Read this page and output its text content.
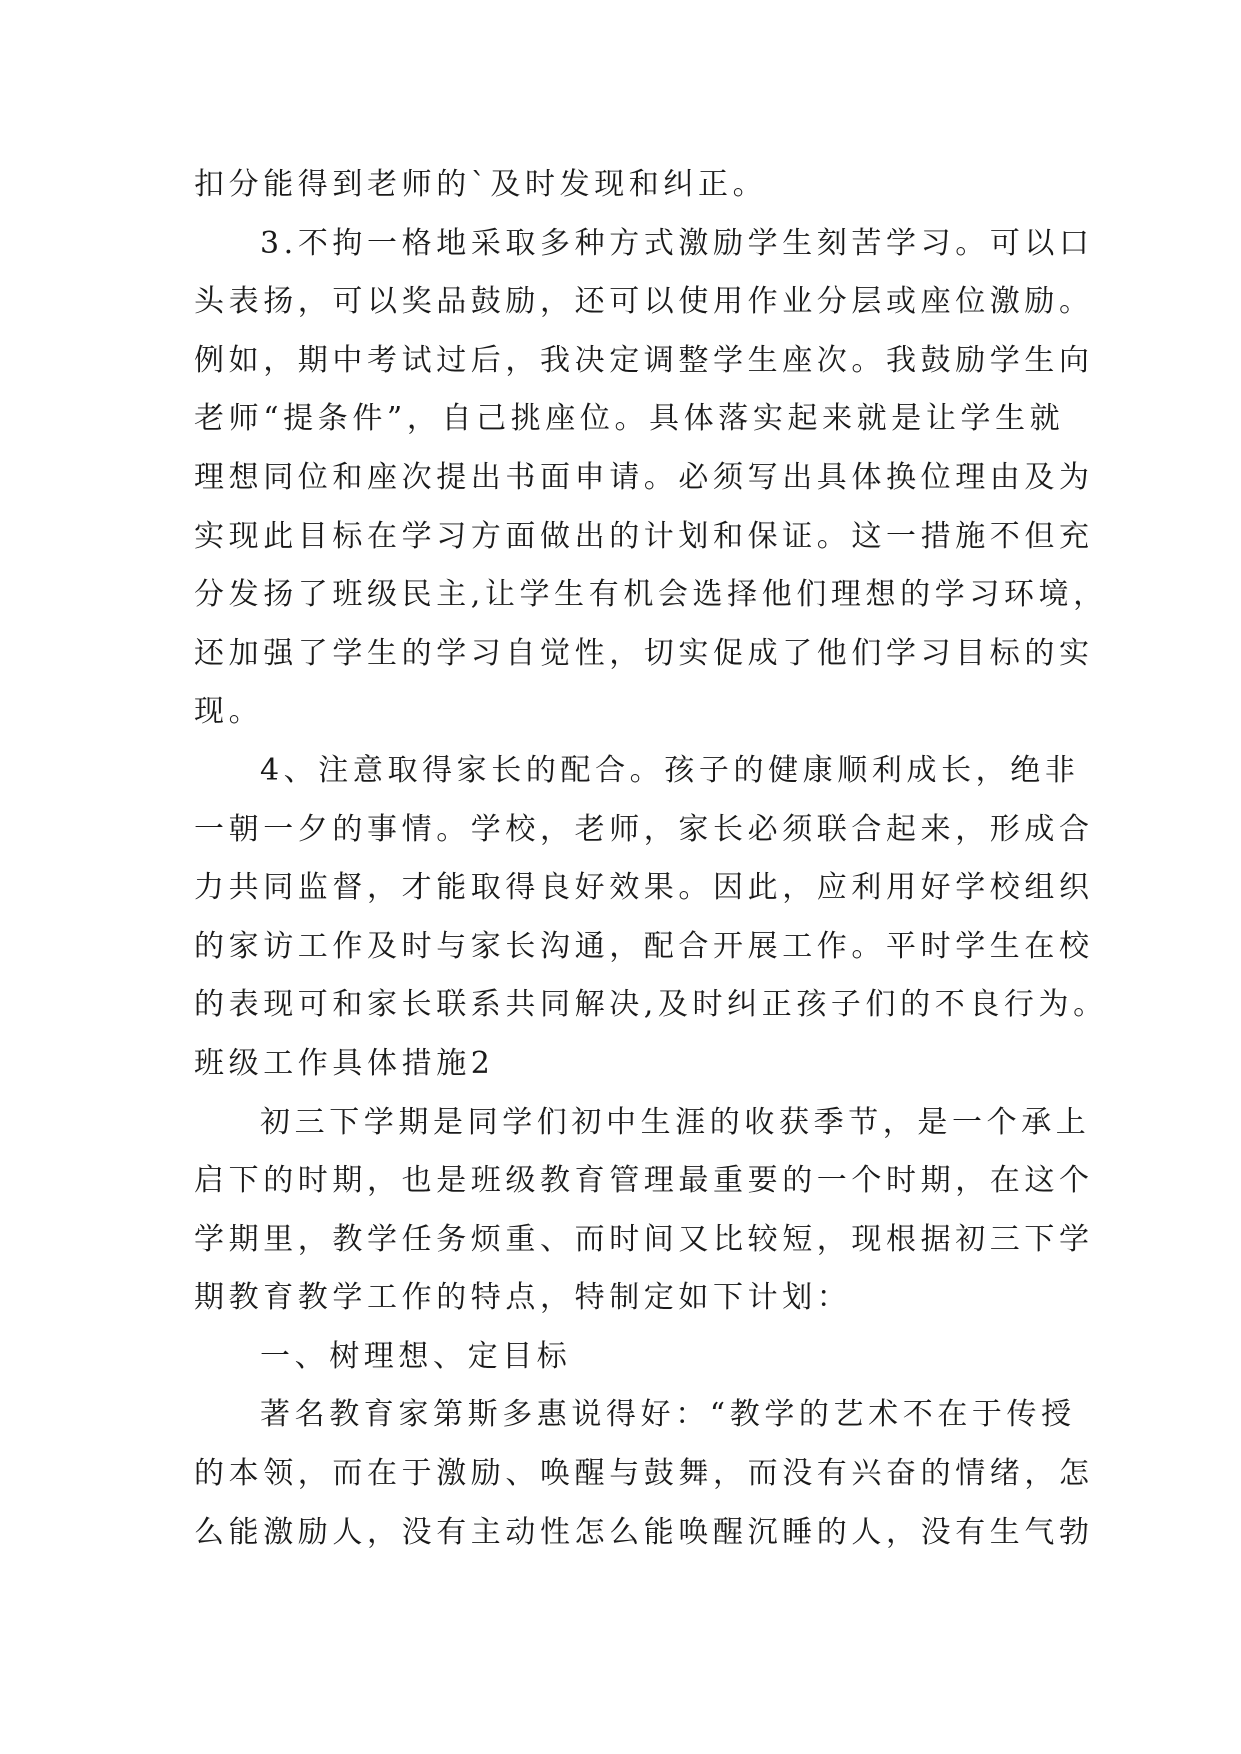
扣分能得到老师的`及时发现和纠正。
3.不拘一格地采取多种方式激励学生刻苦学习。可以口
头表扬，可以奖品鼓励，还可以使用作业分层或座位激励。
例如，期中考试过后，我决定调整学生座次。我鼓励学生向
老师“提条件”，自己挑座位。具体落实起来就是让学生就
理想同位和座次提出书面申请。必须写出具体换位理由及为
实现此目标在学习方面做出的计划和保证。这一措施不但充
分发扬了班级民主,让学生有机会选择他们理想的学习环境，
还加强了学生的学习自觉性，切实促成了他们学习目标的实
现。
4、注意取得家长的配合。孩子的健康顺利成长，绝非
一朝一夕的事情。学校，老师，家长必须联合起来，形成合
力共同监督，才能取得良好效果。因此，应利用好学校组织
的家访工作及时与家长沟通，配合开展工作。平时学生在校
的表现可和家长联系共同解决,及时纠正孩子们的不良行为。
班级工作具体措施2
初三下学期是同学们初中生涯的收获季节，是一个承上
启下的时期，也是班级教育管理最重要的一个时期，在这个
学期里，教学任务烦重、而时间又比较短，现根据初三下学
期教育教学工作的特点，特制定如下计划：
一、树理想、定目标
著名教育家第斯多惠说得好：“教学的艺术不在于传授
的本领，而在于激励、唤醒与鼓舞，而没有兴奋的情绪，怎
么能激励人，没有主动性怎么能唤醒沉睡的人，没有生气勃
